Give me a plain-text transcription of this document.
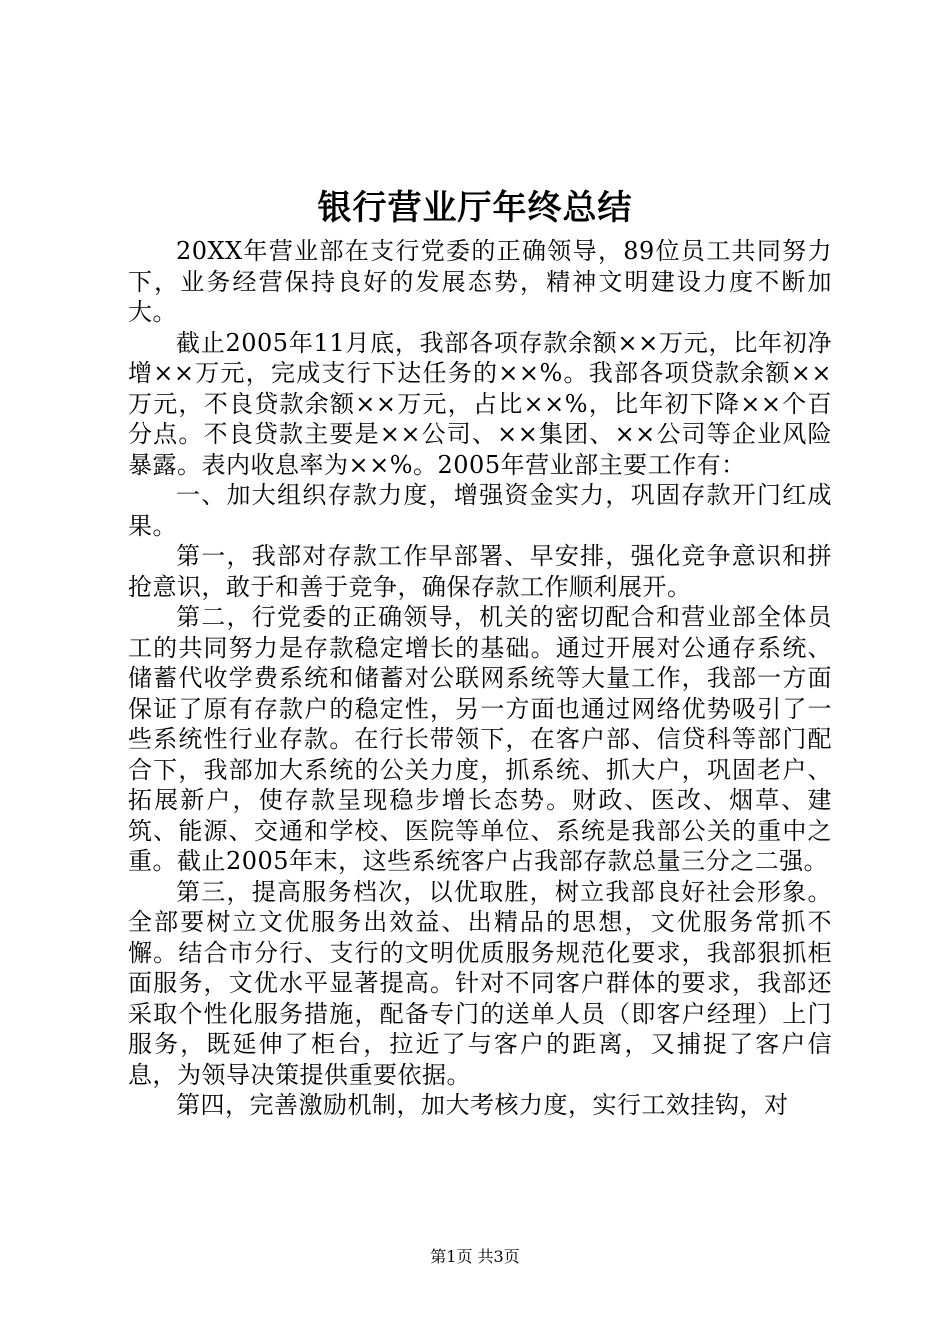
银行营业厅年终总结

20XX年营业部在支行党委的正确领导，89位员工共同努力下，业务经营保持良好的发展态势，精神文明建设力度不断加大。

截止2005年11月底，我部各项存款余额××万元，比年初净增××万元，完成支行下达任务的××%。我部各项贷款余额××万元，不良贷款余额××万元，占比××%，比年初下降××个百分点。不良贷款主要是××公司、××集团、××公司等企业风险暴露。表内收息率为××%。2005年营业部主要工作有：

一、加大组织存款力度，增强资金实力，巩固存款开门红成果。

第一，我部对存款工作早部署、早安排，强化竞争意识和拼抢意识，敢于和善于竞争，确保存款工作顺利展开。

第二，行党委的正确领导，机关的密切配合和营业部全体员工的共同努力是存款稳定增长的基础。通过开展对公通存系统、储蓄代收学费系统和储蓄对公联网系统等大量工作，我部一方面保证了原有存款户的稳定性，另一方面也通过网络优势吸引了一些系统性行业存款。在行长带领下，在客户部、信贷科等部门配合下，我部加大系统的公关力度，抓系统、抓大户，巩固老户、拓展新户，使存款呈现稳步增长态势。财政、医改、烟草、建筑、能源、交通和学校、医院等单位、系统是我部公关的重中之重。截止2005年末，这些系统客户占我部存款总量三分之二强。

第三，提高服务档次，以优取胜，树立我部良好社会形象。全部要树立文优服务出效益、出精品的思想，文优服务常抓不懈。结合市分行、支行的文明优质服务规范化要求，我部狠抓柜面服务，文优水平显著提高。针对不同客户群体的要求，我部还采取个性化服务措施，配备专门的送单人员（即客户经理）上门服务，既延伸了柜台，拉近了与客户的距离，又捕捉了客户信息，为领导决策提供重要依据。

第四，完善激励机制，加大考核力度，实行工效挂钩，对

第1页 共3页
